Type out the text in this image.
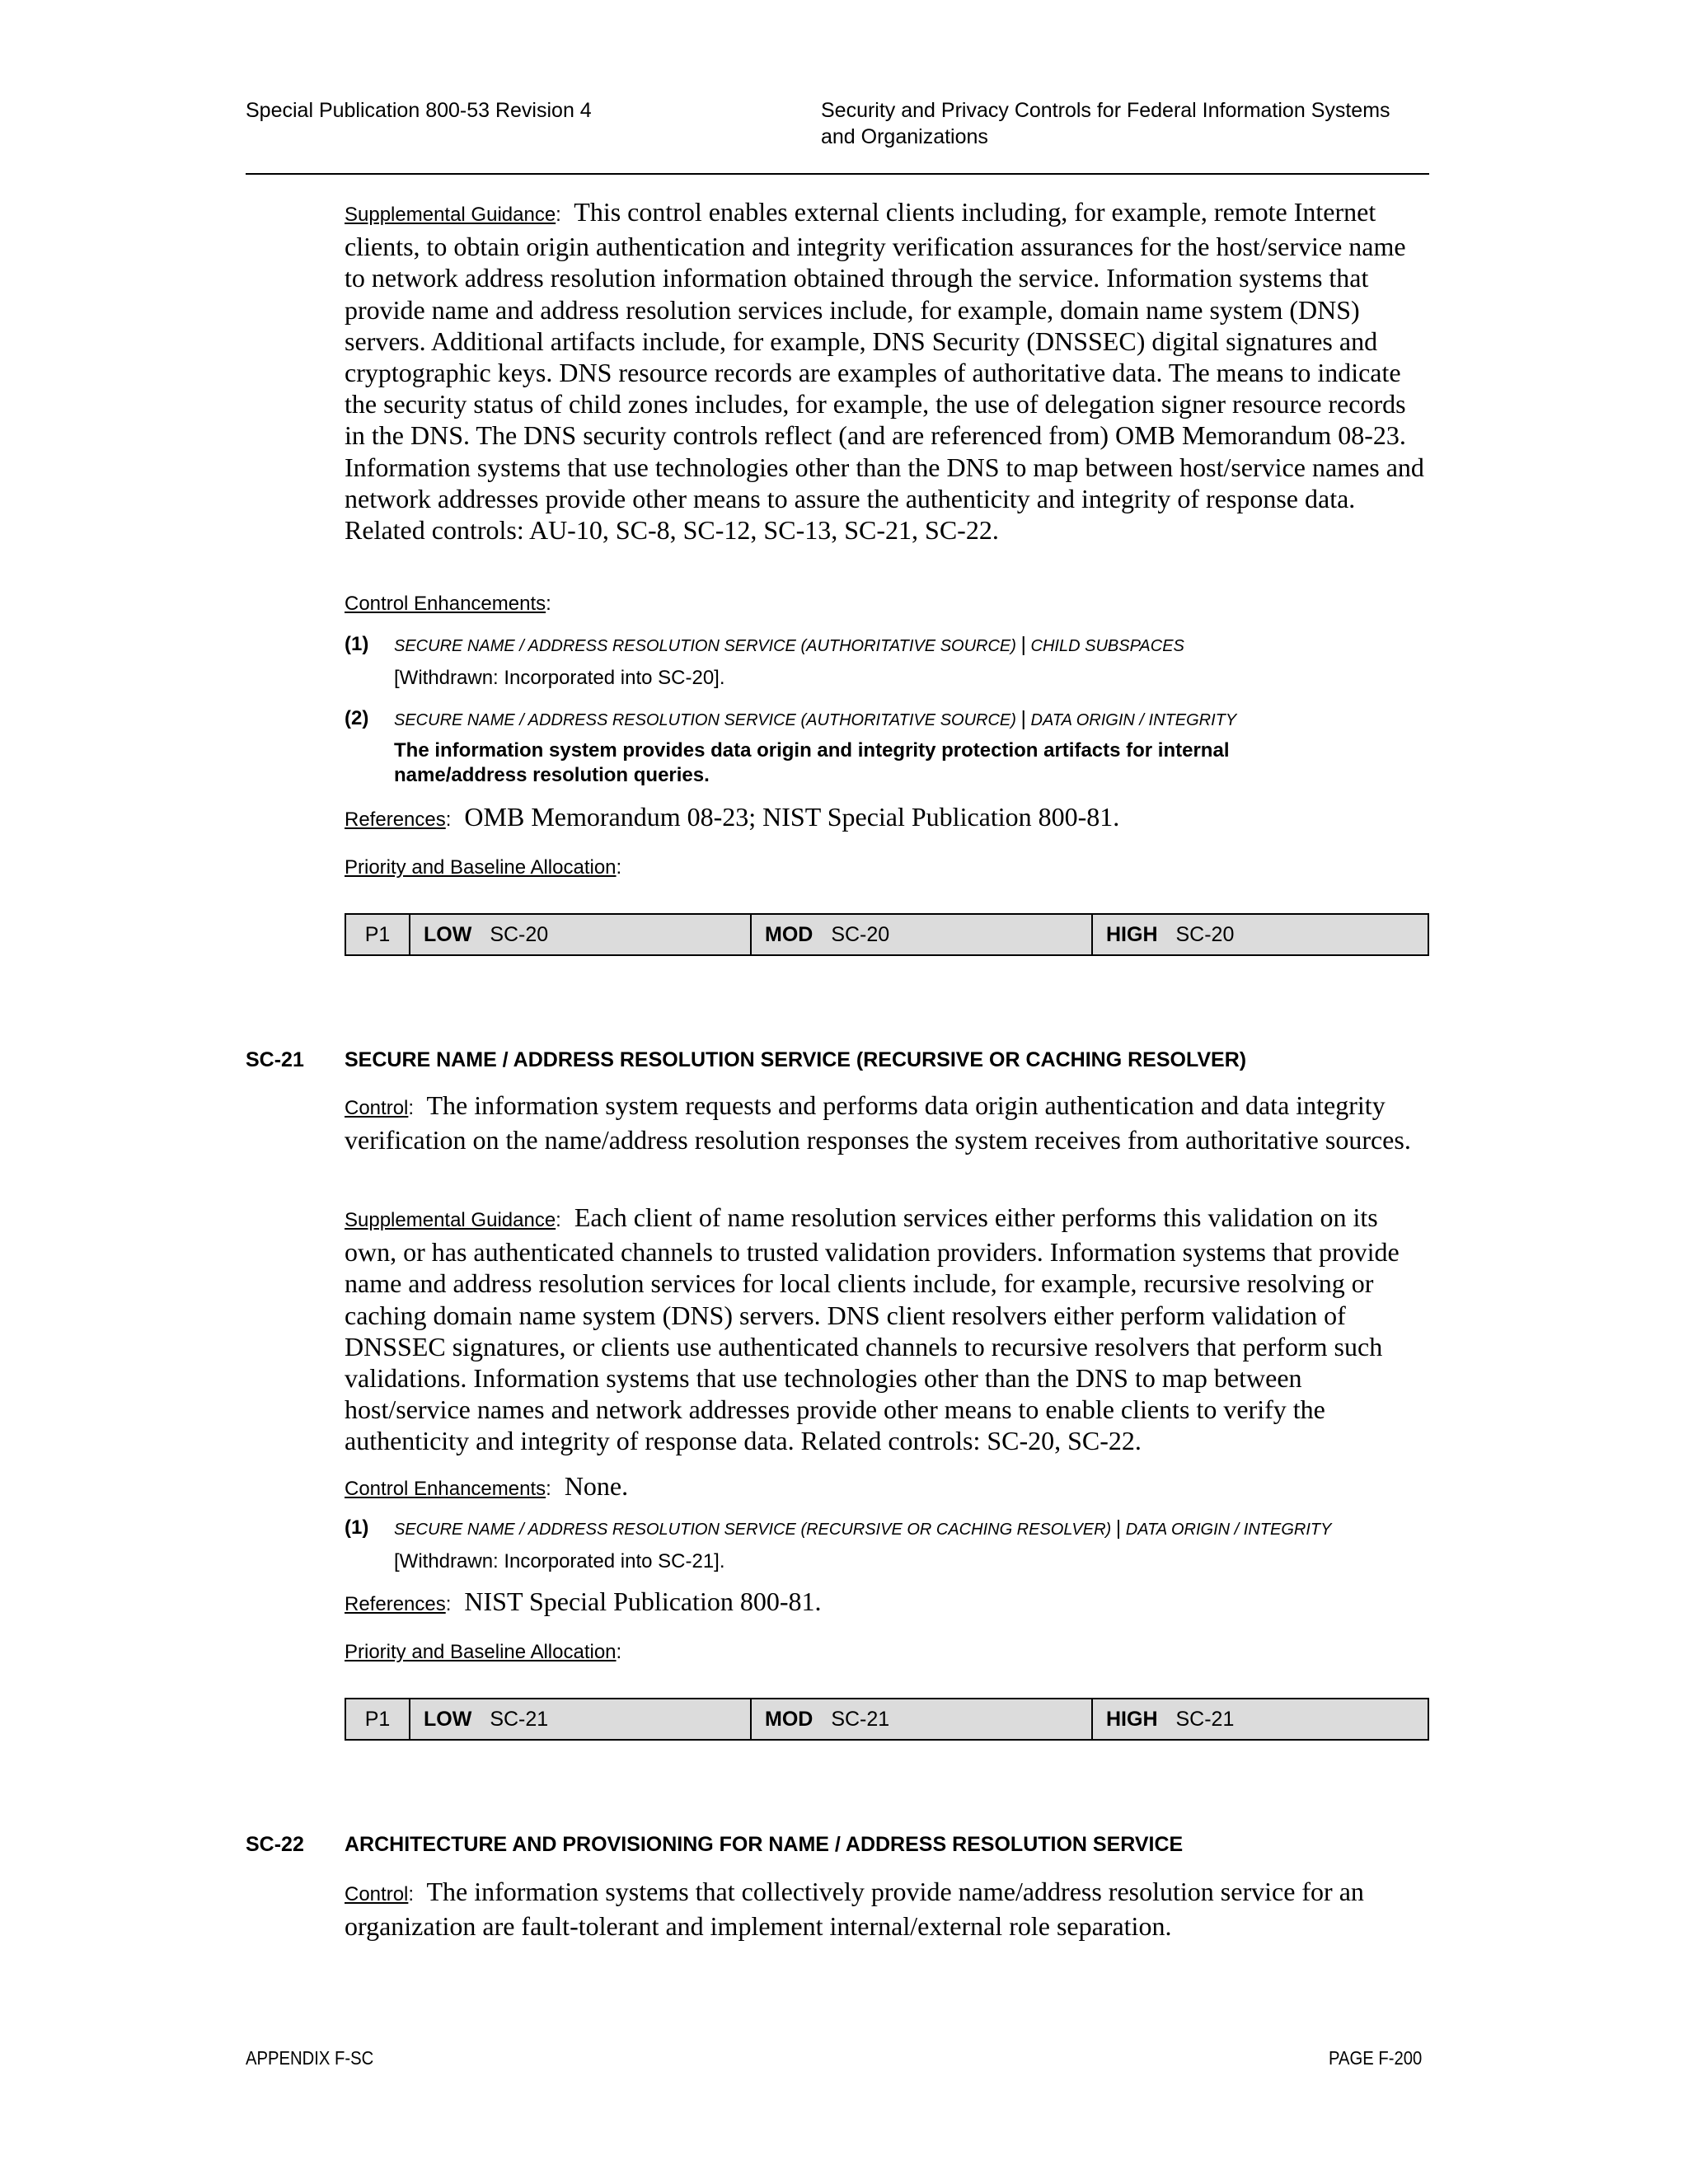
Special Publication 800-53 Revision 4	Security and Privacy Controls for Federal Information Systems
and Organizations

Supplemental Guidance: This control enables external clients including, for example, remote Internet clients, to obtain origin authentication and integrity verification assurances for the host/service name to network address resolution information obtained through the service. Information systems that provide name and address resolution services include, for example, domain name system (DNS) servers. Additional artifacts include, for example, DNS Security (DNSSEC) digital signatures and cryptographic keys. DNS resource records are examples of authoritative data. The means to indicate the security status of child zones includes, for example, the use of delegation signer resource records in the DNS. The DNS security controls reflect (and are referenced from) OMB Memorandum 08-23. Information systems that use technologies other than the DNS to map between host/service names and network addresses provide other means to assure the authenticity and integrity of response data. Related controls: AU-10, SC-8, SC-12, SC-13, SC-21, SC-22.

Control Enhancements:
(1) SECURE NAME / ADDRESS RESOLUTION SERVICE (AUTHORITATIVE SOURCE) | CHILD SUBSPACES
[Withdrawn: Incorporated into SC-20].
(2) SECURE NAME / ADDRESS RESOLUTION SERVICE (AUTHORITATIVE SOURCE) | DATA ORIGIN / INTEGRITY
The information system provides data origin and integrity protection artifacts for internal
name/address resolution queries.

References: OMB Memorandum 08-23; NIST Special Publication 800-81.

Priority and Baseline Allocation:
P1	LOW SC-20	MOD SC-20	HIGH SC-20
SC-21 SECURE NAME / ADDRESS RESOLUTION SERVICE (RECURSIVE OR CACHING RESOLVER)

Control: The information system requests and performs data origin authentication and data integrity verification on the name/address resolution responses the system receives from authoritative sources.

Supplemental Guidance: Each client of name resolution services either performs this validation on its own, or has authenticated channels to trusted validation providers. Information systems that provide name and address resolution services for local clients include, for example, recursive resolving or caching domain name system (DNS) servers. DNS client resolvers either perform validation of DNSSEC signatures, or clients use authenticated channels to recursive resolvers that perform such validations. Information systems that use technologies other than the DNS to map between host/service names and network addresses provide other means to enable clients to verify the authenticity and integrity of response data. Related controls: SC-20, SC-22.

Control Enhancements: None.

(1) SECURE NAME / ADDRESS RESOLUTION SERVICE (RECURSIVE OR CACHING RESOLVER) | DATA ORIGIN / INTEGRITY
[Withdrawn: Incorporated into SC-21].

References: NIST Special Publication 800-81.

Priority and Baseline Allocation:
P1	LOW SC-21	MOD SC-21	HIGH SC-21
SC-22 ARCHITECTURE AND PROVISIONING FOR NAME / ADDRESS RESOLUTION SERVICE

Control: The information systems that collectively provide name/address resolution service for an organization are fault-tolerant and implement internal/external role separation.

APPENDIX F-SC	PAGE F-200
